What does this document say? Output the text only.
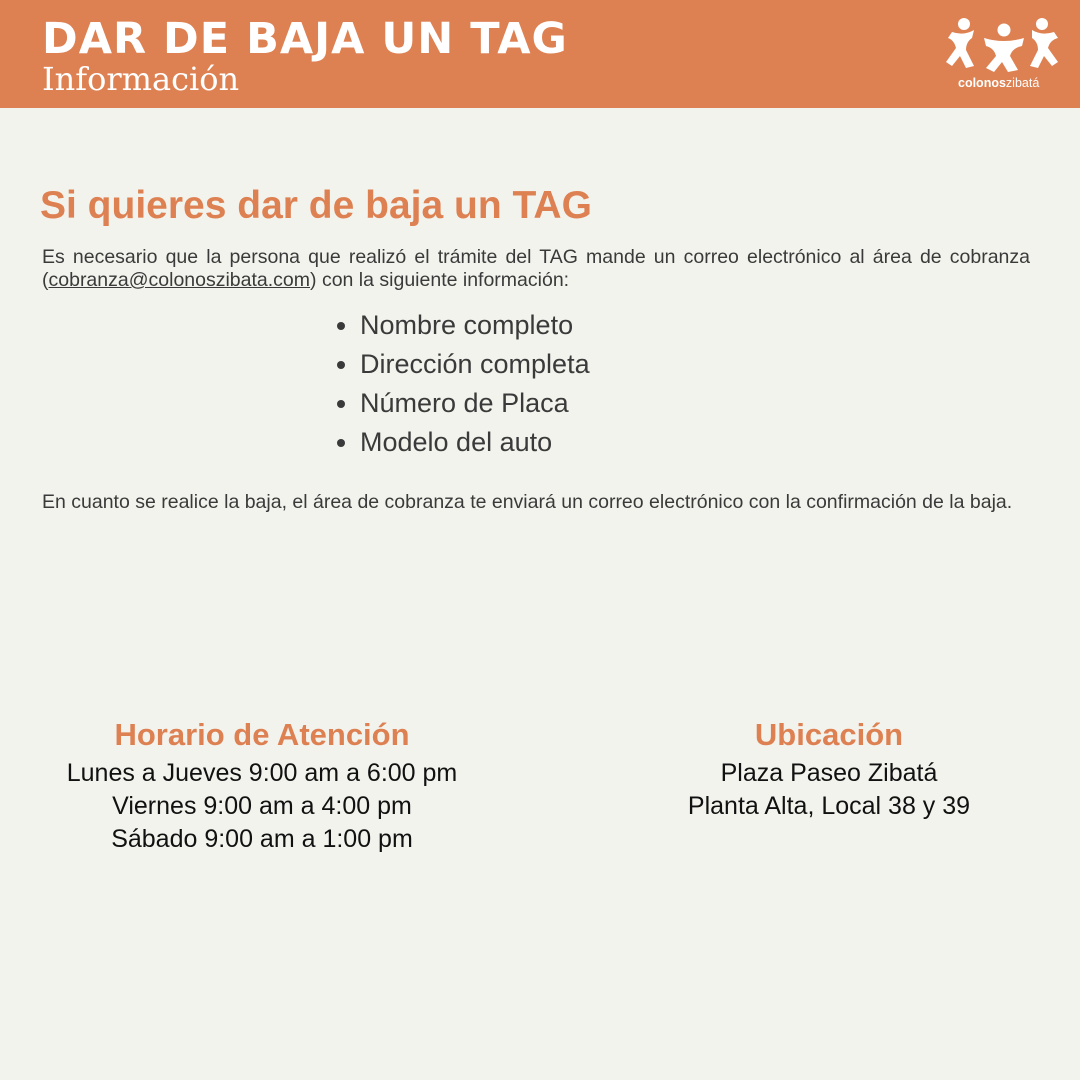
DAR DE BAJA UN TAG
Información	colonoszibatá
Si quieres dar de baja un TAG

Es necesario que la persona que realizó el trámite del TAG mande un correo electrónico al área de cobranza (cobranza@colonoszibata.com) con la siguiente información:

Nombre completo
Dirección completa
Número de Placa
Modelo del auto

En cuanto se realice la baja, el área de cobranza te enviará un correo electrónico con la confirmación de la baja.

Horario de Atención
Lunes a Jueves 9:00 am a 6:00 pm
Viernes 9:00 am a 4:00 pm
Sábado 9:00 am a 1:00 pm
Ubicación
Plaza Paseo Zibatá
Planta Alta, Local 38 y 39
